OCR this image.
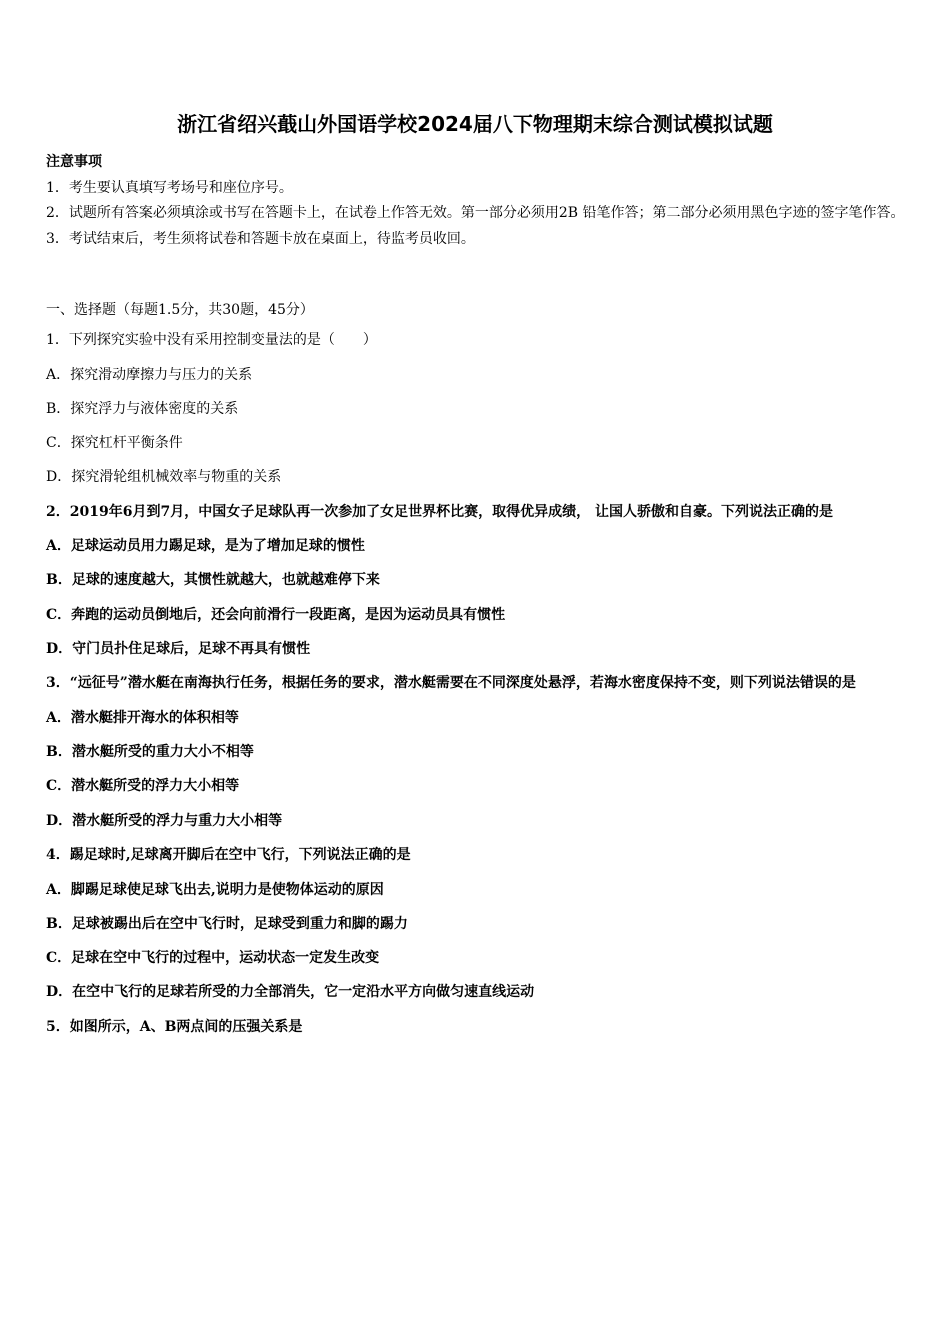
浙江省绍兴蕺山外国语学校2024届八下物理期末综合测试模拟试题

注意事项

1．考生要认真填写考场号和座位序号。

2．试题所有答案必须填涂或书写在答题卡上，在试卷上作答无效。第一部分必须用2B 铅笔作答；第二部分必须用黑色字迹的签字笔作答。

3．考试结束后，考生须将试卷和答题卡放在桌面上，待监考员收回。

一、选择题（每题1.5分，共30题，45分）

1．下列探究实验中没有采用控制变量法的是（　　）

A．探究滑动摩擦力与压力的关系

B．探究浮力与液体密度的关系

C．探究杠杆平衡条件

D．探究滑轮组机械效率与物重的关系

2．2019年6月到7月，中国女子足球队再一次参加了女足世界杯比赛，取得优异成绩， 让国人骄傲和自豪。下列说法正确的是

A．足球运动员用力踢足球，是为了增加足球的惯性

B．足球的速度越大，其惯性就越大，也就越难停下来

C．奔跑的运动员倒地后，还会向前滑行一段距离，是因为运动员具有惯性

D．守门员扑住足球后，足球不再具有惯性

3．“远征号”潜水艇在南海执行任务，根据任务的要求，潜水艇需要在不同深度处悬浮，若海水密度保持不变，则下列说法错误的是

A．潜水艇排开海水的体积相等

B．潜水艇所受的重力大小不相等

C．潜水艇所受的浮力大小相等

D．潜水艇所受的浮力与重力大小相等

4．踢足球时,足球离开脚后在空中飞行，下列说法正确的是

A．脚踢足球使足球飞出去,说明力是使物体运动的原因

B．足球被踢出后在空中飞行时，足球受到重力和脚的踢力

C．足球在空中飞行的过程中，运动状态一定发生改变

D．在空中飞行的足球若所受的力全部消失，它一定沿水平方向做匀速直线运动

5．如图所示，A、B两点间的压强关系是
